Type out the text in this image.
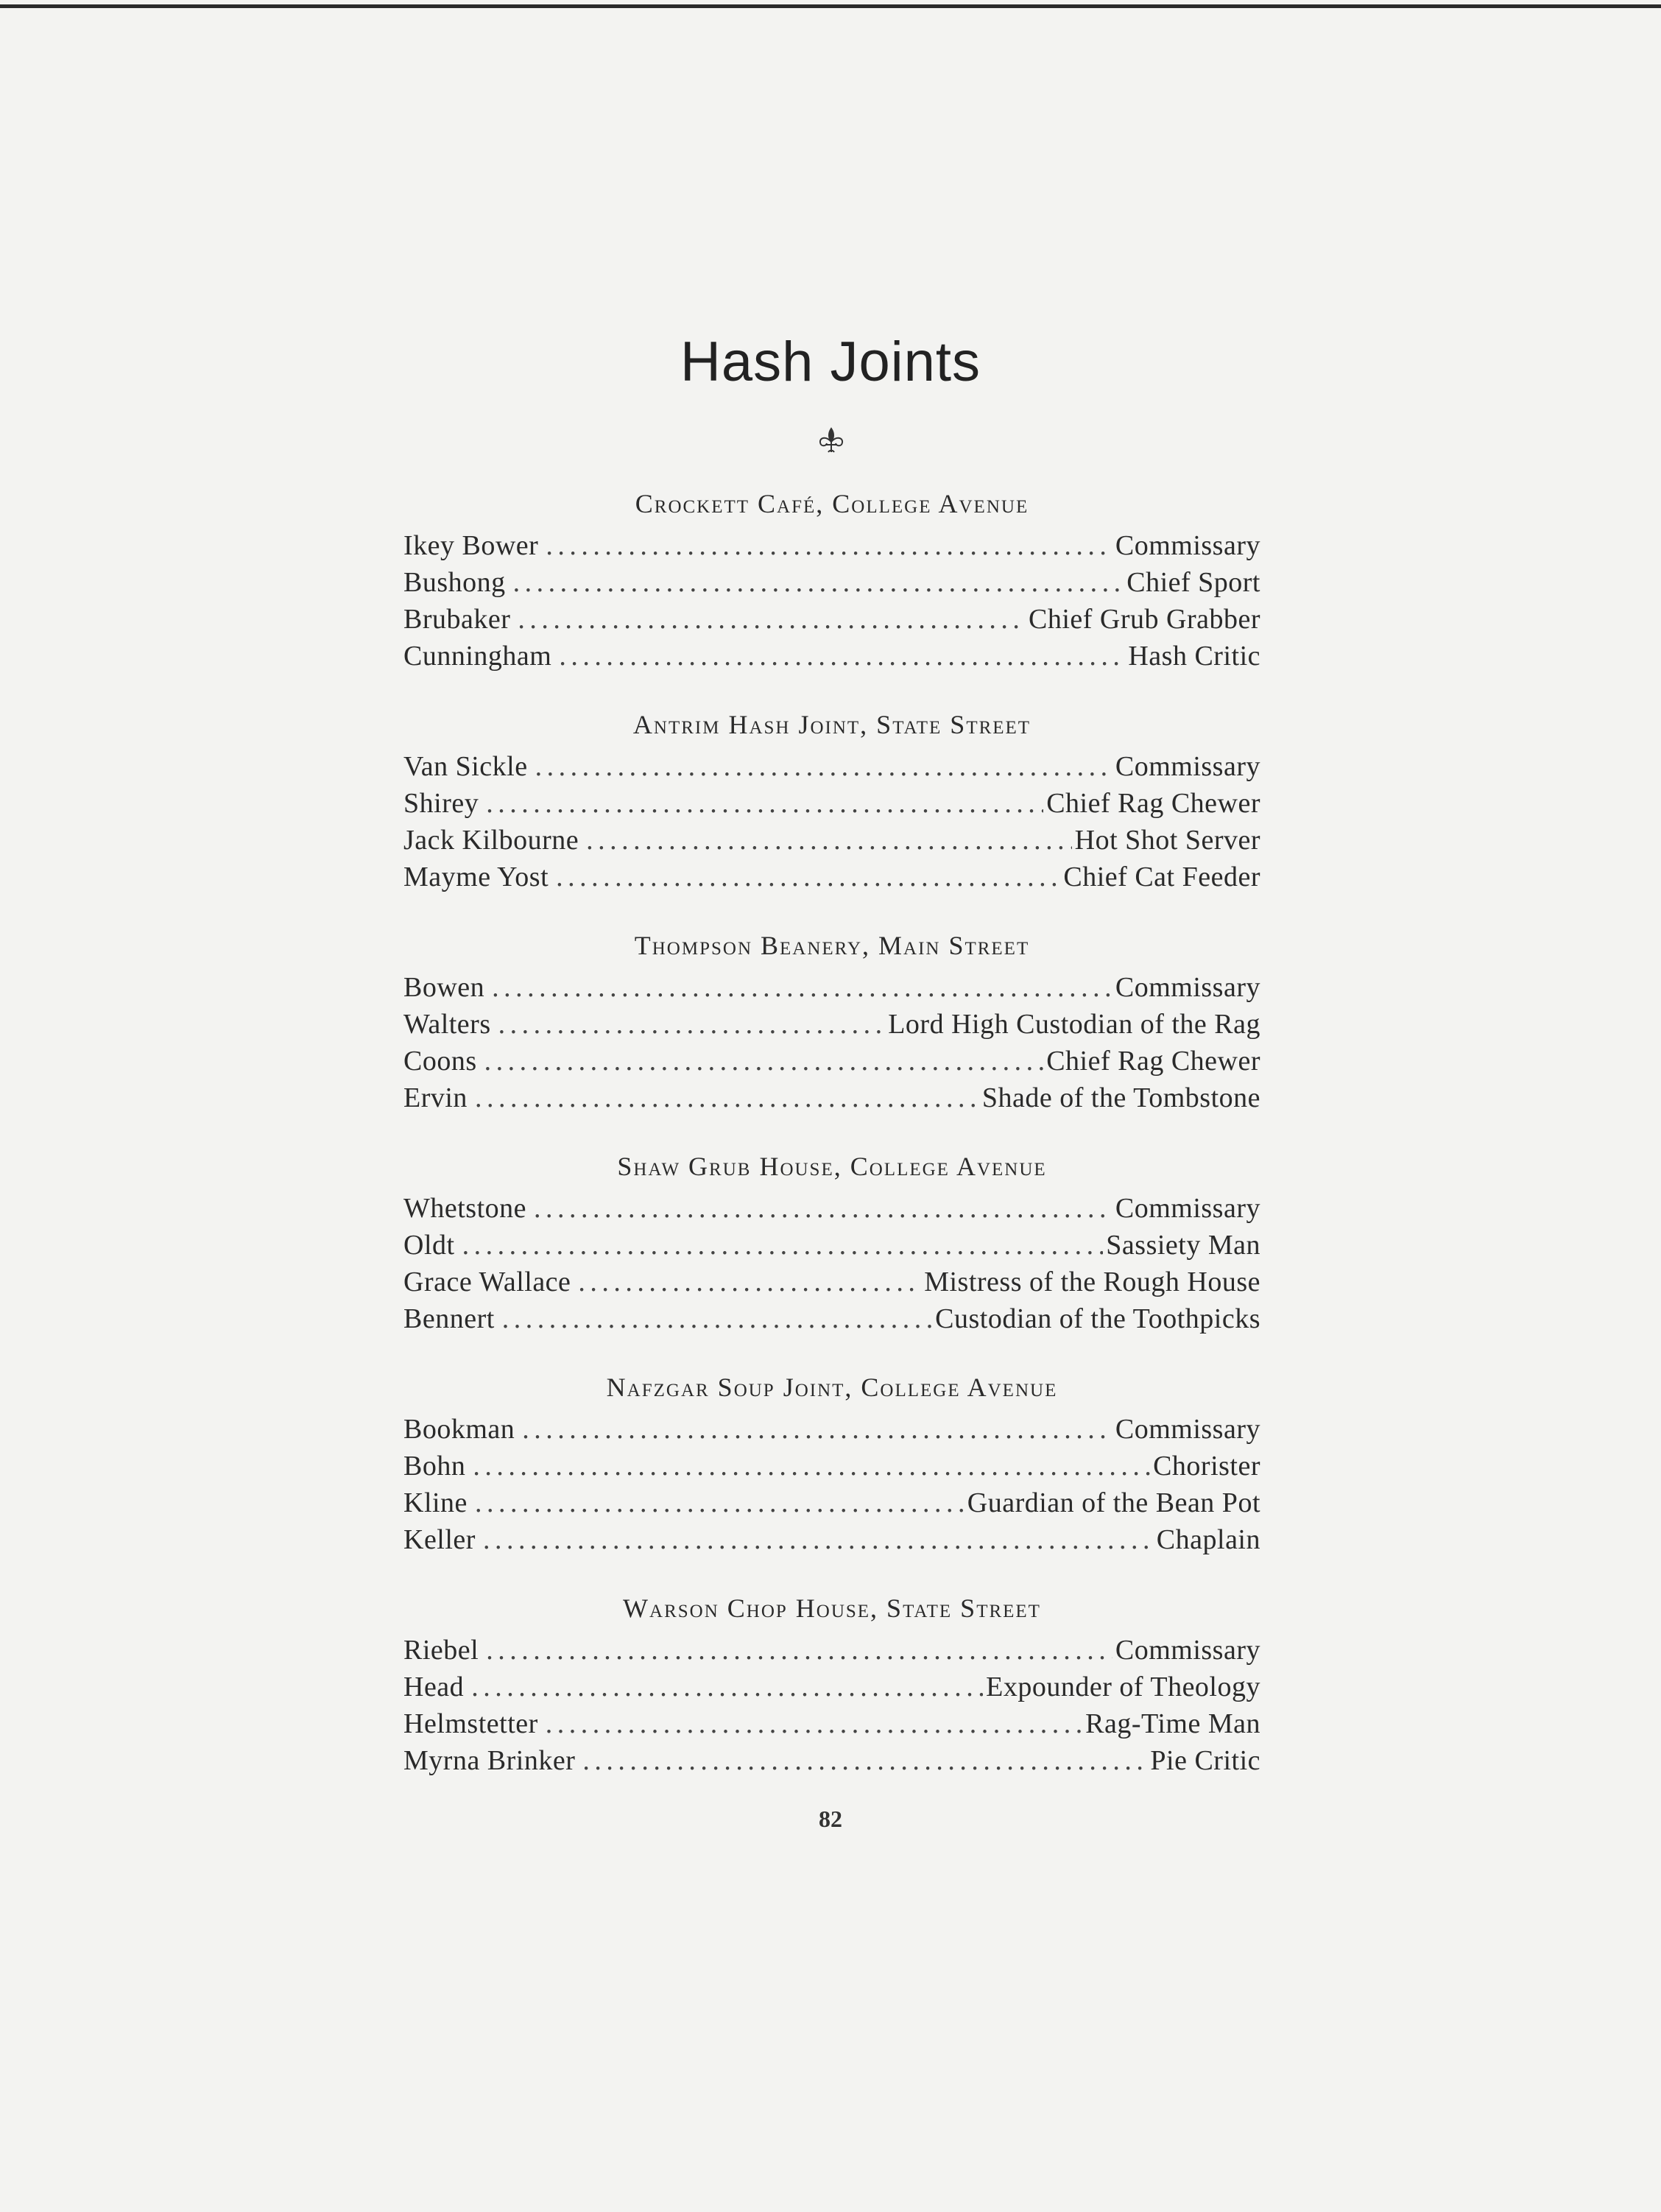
Hash Joints
Crockett Café, College Avenue
Ikey Bower . . .	Commissary
Bushong . . .	Chief Sport
Brubaker . . .	Chief Grub Grabber
Cunningham . . .	Hash Critic
Antrim Hash Joint, State Street
Van Sickle . . .	Commissary
Shirey . . .	Chief Rag Chewer
Jack Kilbourne . . .	Hot Shot Server
Mayme Yost . . .	Chief Cat Feeder
Thompson Beanery, Main Street
Bowen . . .	Commissary
Walters . . .	Lord High Custodian of the Rag
Coons . . .	Chief Rag Chewer
Ervin . . .	Shade of the Tombstone
Shaw Grub House, College Avenue
Whetstone . . .	Commissary
Oldt . . .	Sassiety Man
Grace Wallace . . .	Mistress of the Rough House
Bennert . . .	Custodian of the Toothpicks
Nafzgar Soup Joint, College Avenue
Bookman . . .	Commissary
Bohn . . .	Chorister
Kline . . .	Guardian of the Bean Pot
Keller . . .	Chaplain
Warson Chop House, State Street
Riebel . . .	Commissary
Head . . .	Expounder of Theology
Helmstetter . . .	Rag-Time Man
Myrna Brinker . . .	Pie Critic
82
